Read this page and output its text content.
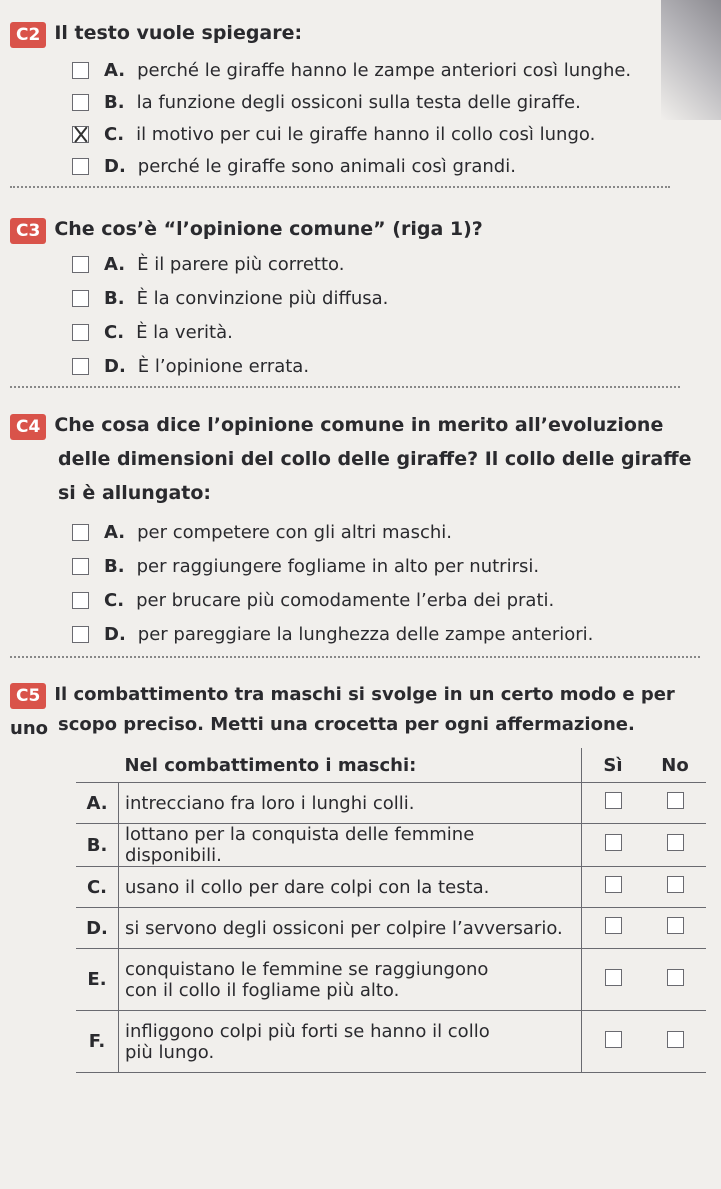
C2 Il testo vuole spiegare:
A. perché le giraffe hanno le zampe anteriori così lunghe.
B. la funzione degli ossiconi sulla testa delle giraffe.
C. il motivo per cui le giraffe hanno il collo così lungo.
D. perché le giraffe sono animali così grandi.
C3 Che cos’è “l’opinione comune” (riga 1)?
A. È il parere più corretto.
B. È la convinzione più diffusa.
C. È la verità.
D. È l’opinione errata.
C4 Che cosa dice l’opinione comune in merito all’evoluzione
delle dimensioni del collo delle giraffe? Il collo delle giraffe
si è allungato:
A. per competere con gli altri maschi.
B. per raggiungere fogliame in alto per nutrirsi.
C. per brucare più comodamente l’erba dei prati.
D. per pareggiare la lunghezza delle zampe anteriori.
C5 Il combattimento tra maschi si svolge in un certo modo e per uno scopo preciso. Metti una crocetta per ogni affermazione.
	Nel combattimento i maschi:	Sì	No
A.	intrecciano fra loro i lunghi colli.		
B.	lottano per la conquista delle femmine disponibili.		
C.	usano il collo per dare colpi con la testa.		
D.	si servono degli ossiconi per colpire l’avversario.		
E.	conquistano le femmine se raggiungono
con il collo il fogliame più alto.		

F.	infliggono colpi più forti se hanno il collo
più lungo.		
